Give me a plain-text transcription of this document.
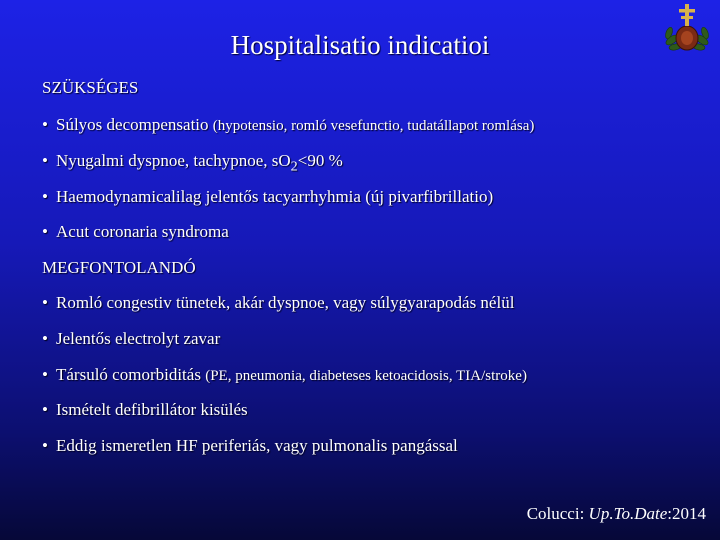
Hospitalisatio indicatioi
SZÜKSÉGES
• Súlyos decompensatio (hypotensio, romló vesefunctio, tudatállapot romlása)
• Nyugalmi dyspnoe, tachypnoe, $sO_2<90$ %
• Haemodynamicalilag jelentős tacyarrhyhmia (új pivarfibrillatio)
• Acut coronaria syndroma
MEGFONTOLANDÓ
• Romló congestiv tünetek, akár dyspnoe, vagy súlygyarapodás nélül
• Jelentős electrolyt zavar
• Társuló comorbiditás (PE, pneumonia, diabeteses ketoacidosis, TIA/stroke)
• Ismételt defibrillátor kisülés
• Eddig ismeretlen HF periferiás, vagy pulmonalis pangással
Colucci: Up.To.Date:2014
